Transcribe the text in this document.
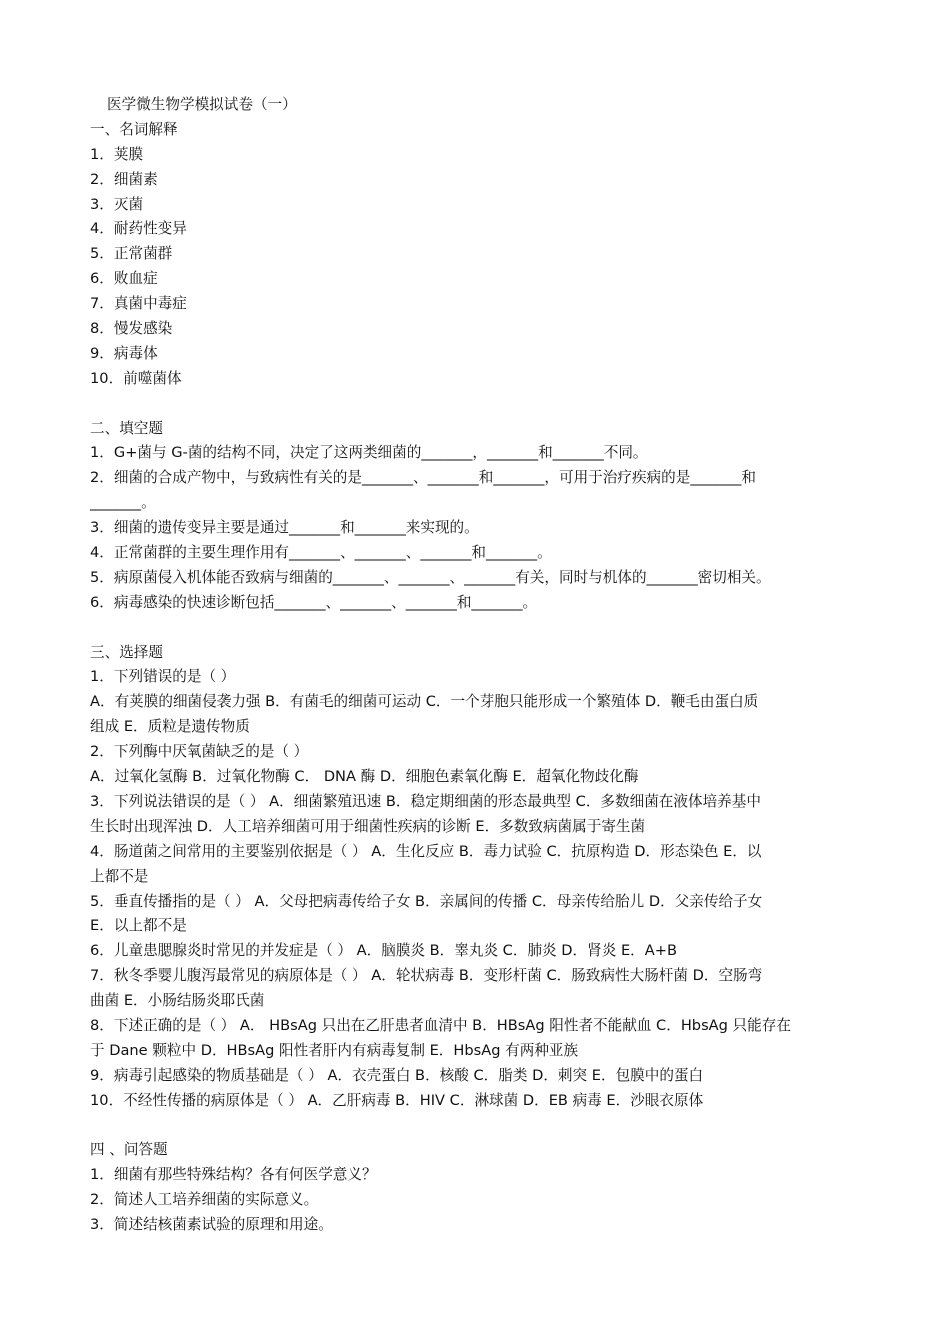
医学微生物学模拟试卷（一）
一、名词解释
1．荚膜
2．细菌素
3．灭菌
4．耐药性变异
5．正常菌群
6．败血症
7．真菌中毒症
8．慢发感染
9．病毒体
10．前噬菌体
二、填空题
1．G+菌与 G-菌的结构不同，决定了这两类细菌的_______，_______和_______不同。
2．细菌的合成产物中，与致病性有关的是_______、_______和_______，可用于治疗疾病的是_______和
_______。
3．细菌的遗传变异主要是通过_______和_______来实现的。
4．正常菌群的主要生理作用有_______、_______、_______和_______。
5．病原菌侵入机体能否致病与细菌的_______、_______、_______有关，同时与机体的_______密切相关。
6．病毒感染的快速诊断包括_______、_______、_______和_______。
三、选择题
1．下列错误的是（ ）
A．有荚膜的细菌侵袭力强 B．有菌毛的细菌可运动 C．一个芽胞只能形成一个繁殖体 D．鞭毛由蛋白质
组成 E．质粒是遗传物质
2．下列酶中厌氧菌缺乏的是（ ）
A．过氧化氢酶 B．过氧化物酶 C． DNA 酶 D．细胞色素氧化酶 E．超氧化物歧化酶
3．下列说法错误的是（ ） A．细菌繁殖迅速 B．稳定期细菌的形态最典型 C．多数细菌在液体培养基中
生长时出现浑浊 D．人工培养细菌可用于细菌性疾病的诊断 E．多数致病菌属于寄生菌
4．肠道菌之间常用的主要鉴别依据是（ ） A．生化反应 B．毒力试验 C．抗原构造 D．形态染色 E．以
上都不是
5．垂直传播指的是（ ） A．父母把病毒传给子女 B．亲属间的传播 C．母亲传给胎儿 D．父亲传给子女
E．以上都不是
6．儿童患腮腺炎时常见的并发症是（ ） A．脑膜炎 B．睾丸炎 C．肺炎 D．肾炎 E．A+B
7．秋冬季婴儿腹泻最常见的病原体是（ ） A．轮状病毒 B．变形杆菌 C．肠致病性大肠杆菌 D．空肠弯
曲菌 E．小肠结肠炎耶氏菌
8．下述正确的是（ ） A． HBsAg 只出在乙肝患者血清中 B．HBsAg 阳性者不能献血 C．HbsAg 只能存在
于 Dane 颗粒中 D．HBsAg 阳性者肝内有病毒复制 E．HbsAg 有两种亚族
9．病毒引起感染的物质基础是（ ） A．衣壳蛋白 B．核酸 C．脂类 D．刺突 E．包膜中的蛋白
10．不经性传播的病原体是（ ） A．乙肝病毒 B．HIV C．淋球菌 D．EB 病毒 E．沙眼衣原体
四 、问答题
1．细菌有那些特殊结构？各有何医学意义？
2．简述人工培养细菌的实际意义。
3．简述结核菌素试验的原理和用途。
